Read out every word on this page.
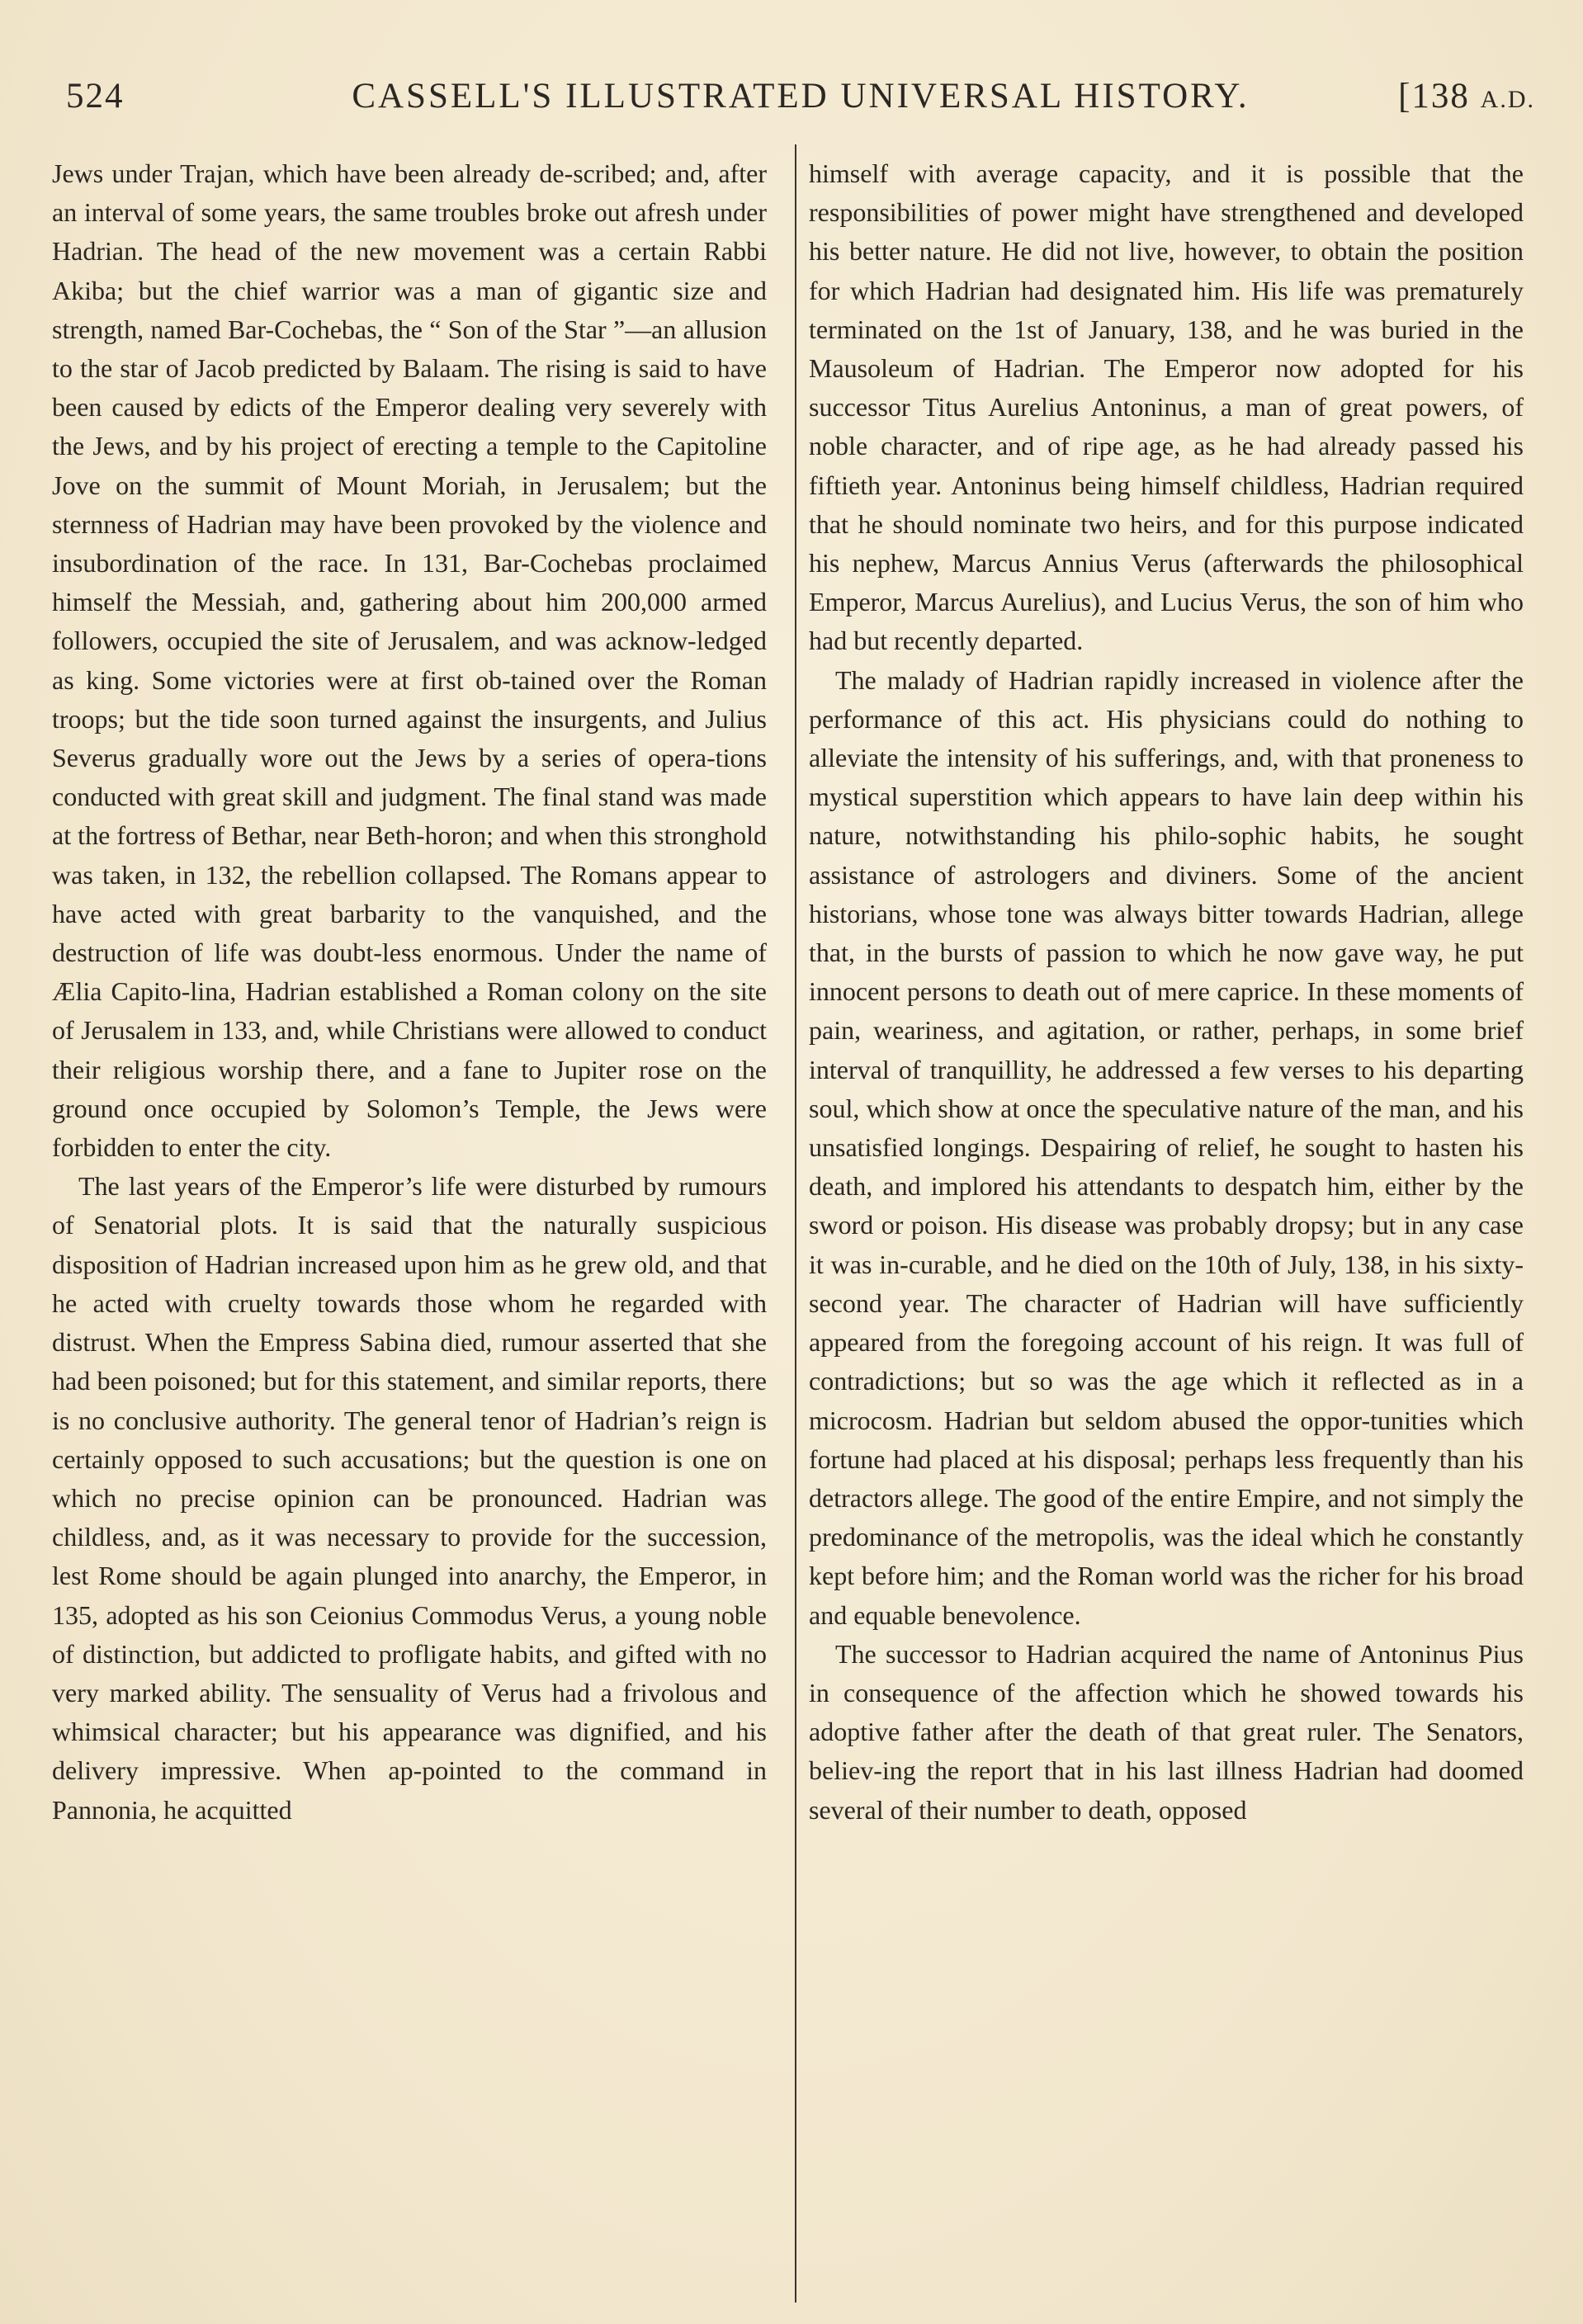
524	CASSELL'S ILLUSTRATED UNIVERSAL HISTORY.	[138 A.D.

Jews under Trajan, which have been already de-scribed; and, after an interval of some years, the same troubles broke out afresh under Hadrian. The head of the new movement was a certain Rabbi Akiba; but the chief warrior was a man of gigantic size and strength, named Bar-Cochebas, the “ Son of the Star ”—an allusion to the star of Jacob predicted by Balaam. The rising is said to have been caused by edicts of the Emperor dealing very severely with the Jews, and by his project of erecting a temple to the Capitoline Jove on the summit of Mount Moriah, in Jerusalem; but the sternness of Hadrian may have been provoked by the violence and insubordination of the race. In 131, Bar-Cochebas proclaimed himself the Messiah, and, gathering about him 200,000 armed followers, occupied the site of Jerusalem, and was acknow-ledged as king. Some victories were at first ob-tained over the Roman troops; but the tide soon turned against the insurgents, and Julius Severus gradually wore out the Jews by a series of opera-tions conducted with great skill and judgment. The final stand was made at the fortress of Bethar, near Beth-horon; and when this stronghold was taken, in 132, the rebellion collapsed. The Romans appear to have acted with great barbarity to the vanquished, and the destruction of life was doubt-less enormous. Under the name of Ælia Capito-lina, Hadrian established a Roman colony on the site of Jerusalem in 133, and, while Christians were allowed to conduct their religious worship there, and a fane to Jupiter rose on the ground once occupied by Solomon’s Temple, the Jews were forbidden to enter the city.

The last years of the Emperor’s life were disturbed by rumours of Senatorial plots. It is said that the naturally suspicious disposition of Hadrian increased upon him as he grew old, and that he acted with cruelty towards those whom he regarded with distrust. When the Empress Sabina died, rumour asserted that she had been poisoned; but for this statement, and similar reports, there is no conclusive authority. The general tenor of Hadrian’s reign is certainly opposed to such accusations; but the question is one on which no precise opinion can be pronounced. Hadrian was childless, and, as it was necessary to provide for the succession, lest Rome should be again plunged into anarchy, the Emperor, in 135, adopted as his son Ceionius Commodus Verus, a young noble of distinction, but addicted to profligate habits, and gifted with no very marked ability. The sensuality of Verus had a frivolous and whimsical character; but his appearance was dignified, and his delivery impressive. When ap-pointed to the command in Pannonia, he acquitted

himself with average capacity, and it is possible that the responsibilities of power might have strengthened and developed his better nature. He did not live, however, to obtain the position for which Hadrian had designated him. His life was prematurely terminated on the 1st of January, 138, and he was buried in the Mausoleum of Hadrian. The Emperor now adopted for his successor Titus Aurelius Antoninus, a man of great powers, of noble character, and of ripe age, as he had already passed his fiftieth year. Antoninus being himself childless, Hadrian required that he should nominate two heirs, and for this purpose indicated his nephew, Marcus Annius Verus (afterwards the philosophical Emperor, Marcus Aurelius), and Lucius Verus, the son of him who had but recently departed.

The malady of Hadrian rapidly increased in violence after the performance of this act. His physicians could do nothing to alleviate the intensity of his sufferings, and, with that proneness to mystical superstition which appears to have lain deep within his nature, notwithstanding his philo-sophic habits, he sought assistance of astrologers and diviners. Some of the ancient historians, whose tone was always bitter towards Hadrian, allege that, in the bursts of passion to which he now gave way, he put innocent persons to death out of mere caprice. In these moments of pain, weariness, and agitation, or rather, perhaps, in some brief interval of tranquillity, he addressed a few verses to his departing soul, which show at once the speculative nature of the man, and his unsatisfied longings. Despairing of relief, he sought to hasten his death, and implored his attendants to despatch him, either by the sword or poison. His disease was probably dropsy; but in any case it was in-curable, and he died on the 10th of July, 138, in his sixty-second year. The character of Hadrian will have sufficiently appeared from the foregoing account of his reign. It was full of contradictions; but so was the age which it reflected as in a microcosm. Hadrian but seldom abused the oppor-tunities which fortune had placed at his disposal; perhaps less frequently than his detractors allege. The good of the entire Empire, and not simply the predominance of the metropolis, was the ideal which he constantly kept before him; and the Roman world was the richer for his broad and equable benevolence.

The successor to Hadrian acquired the name of Antoninus Pius in consequence of the affection which he showed towards his adoptive father after the death of that great ruler. The Senators, believ-ing the report that in his last illness Hadrian had doomed several of their number to death, opposed
